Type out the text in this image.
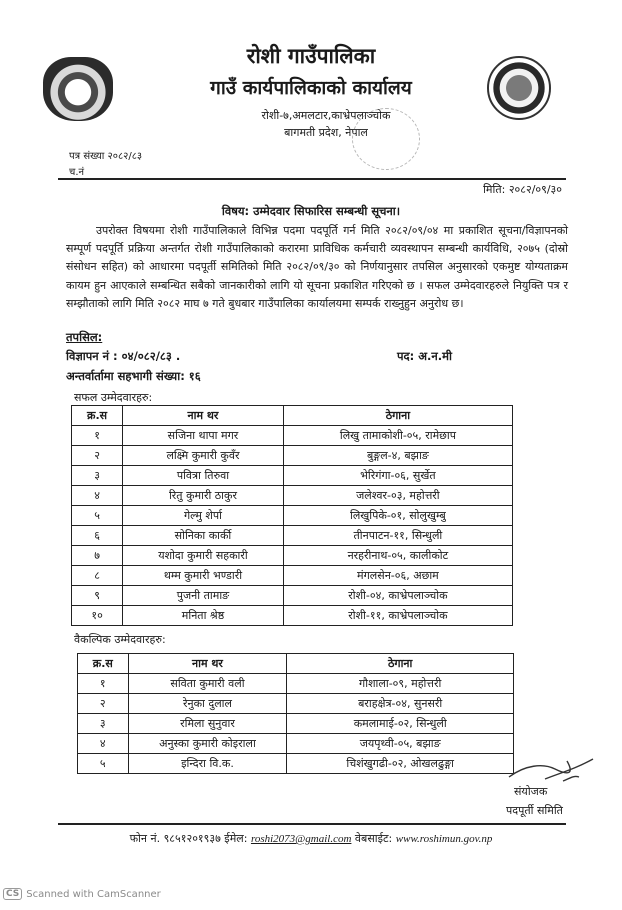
रोशी गाउँपालिका
गाउँ कार्यपालिकाको कार्यालय
रोशी-७,अमलटार,काभ्रेपलाञ्चोक
बागमती प्रदेश, नेपाल
पत्र संख्या २०८२/८३
च.नं
मिति: २०८२/०९/३०
विषय: उम्मेदवार सिफारिस सम्बन्धी सूचना।
उपरोक्त विषयमा रोशी गाउँपालिकाले विभिन्न पदमा पदपूर्ति गर्न मिति २०८२/०९/०४ मा प्रकाशित सूचना/विज्ञापनको सम्पूर्ण पदपूर्ति प्रक्रिया अन्तर्गत रोशी गाउँपालिकाको करारमा प्राविधिक कर्मचारी व्यवस्थापन सम्बन्धी कार्यविधि, २०७५ (दोस्रो संसोधन सहित) को आधारमा पदपूर्ती समितिको मिति २०८२/०९/३० को निर्णयानुसार तपसिल अनुसारको एकमुष्ट योग्यताक्रम कायम हुन आएकाले सम्बन्धित सबैको जानकारीको लागि यो सूचना प्रकाशित गरिएको छ । सफल उम्मेदवारहरुले नियुक्ति पत्र र सम्झौताको लागि मिति २०८२ माघ ७ गते बुधबार गाउँपालिका कार्यालयमा सम्पर्क राख्नुहुन अनुरोध छ।
तपसिल:
विज्ञापन नं : ०४/०८२/८३ .	पद: अ.न.मी
अन्तर्वार्तामा सहभागी संख्या: १६
सफल उम्मेदवारहरु:
क्र.स	नाम थर	ठेगाना
१	सजिना थापा मगर	लिखु तामाकोशी-०५, रामेछाप
२	लक्ष्मि कुमारी कुवँर	बुङ्गल-४, बझाङ
३	पवित्रा तिरुवा	भेरिगंगा-०६, सुर्खेत
४	रितु कुमारी ठाकुर	जलेश्वर-०३, महोत्तरी
५	गेल्मु शेर्पा	लिखुपिके-०१, सोलुखुम्बु
६	सोनिका कार्की	तीनपाटन-११, सिन्धुली
७	यशोदा कुमारी सहकारी	नरहरीनाथ-०५, कालीकोट
८	थम्म कुमारी भण्डारी	मंगलसेन-०६, अछाम
९	पुजनी तामाङ	रोशी-०४, काभ्रेपलाञ्चोक
१०	मनिता श्रेष्ठ	रोशी-११, काभ्रेपलाञ्चोक
वैकल्पिक उम्मेदवारहरु:
क्र.स	नाम थर	ठेगाना
१	सविता कुमारी वली	गौशाला-०९, महोत्तरी
२	रेनुका दुलाल	बराहक्षेत्र-०४, सुनसरी
३	रमिला सुनुवार	कमलामाई-०२, सिन्धुली
४	अनुस्का कुमारी कोइराला	जयपृथ्वी-०५, बझाङ
५	इन्दिरा वि.क.	चिशंखुगढी-०२, ओखलढुङ्गा
संयोजक
पदपूर्ती समिति
फोन नं. ९८५१२०१९३७ ईमेल: roshi2073@gmail.com वेबसाईट: www.roshimun.gov.np
CS Scanned with CamScanner
